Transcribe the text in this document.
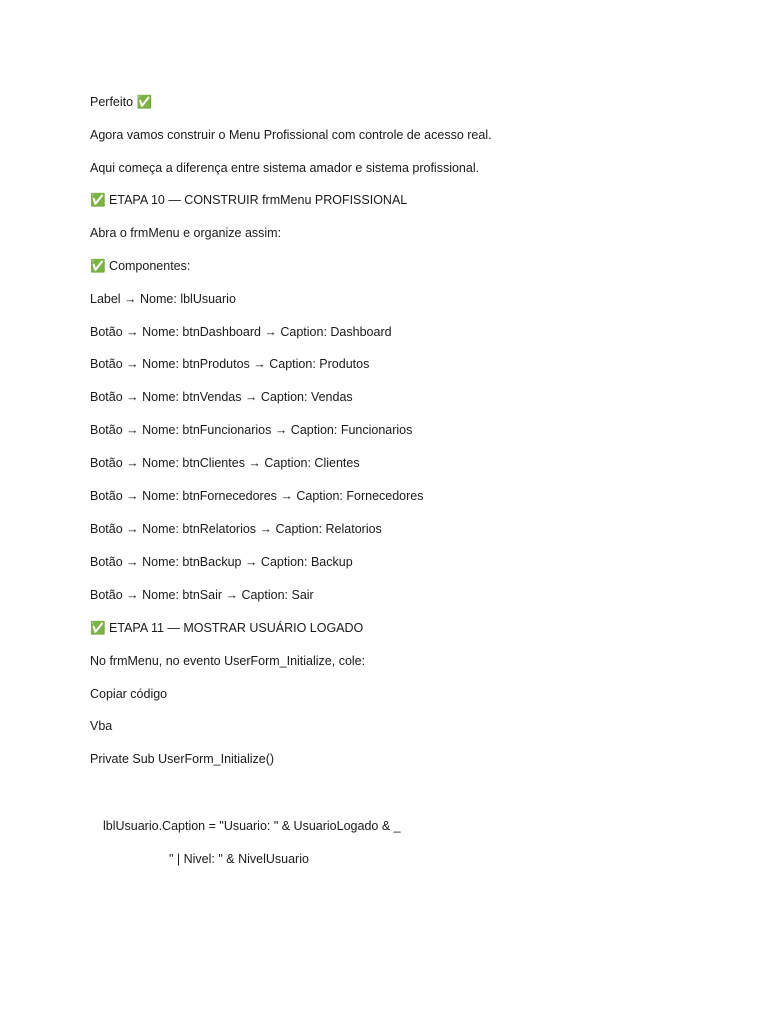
Perfeito ✅
Agora vamos construir o Menu Profissional com controle de acesso real.
Aqui começa a diferença entre sistema amador e sistema profissional.
✅ ETAPA 10 — CONSTRUIR frmMenu PROFISSIONAL
Abra o frmMenu e organize assim:
✅ Componentes:
Label → Nome: lblUsuario
Botão → Nome: btnDashboard → Caption: Dashboard
Botão → Nome: btnProdutos → Caption: Produtos
Botão → Nome: btnVendas → Caption: Vendas
Botão → Nome: btnFuncionarios → Caption: Funcionarios
Botão → Nome: btnClientes → Caption: Clientes
Botão → Nome: btnFornecedores → Caption: Fornecedores
Botão → Nome: btnRelatorios → Caption: Relatorios
Botão → Nome: btnBackup → Caption: Backup
Botão → Nome: btnSair → Caption: Sair
✅ ETAPA 11 — MOSTRAR USUÁRIO LOGADO
No frmMenu, no evento UserForm_Initialize, cole:
Copiar código
Vba
Private Sub UserForm_Initialize()
lblUsuario.Caption = "Usuario: " & UsuarioLogado & _
" | Nivel: " & NivelUsuario
